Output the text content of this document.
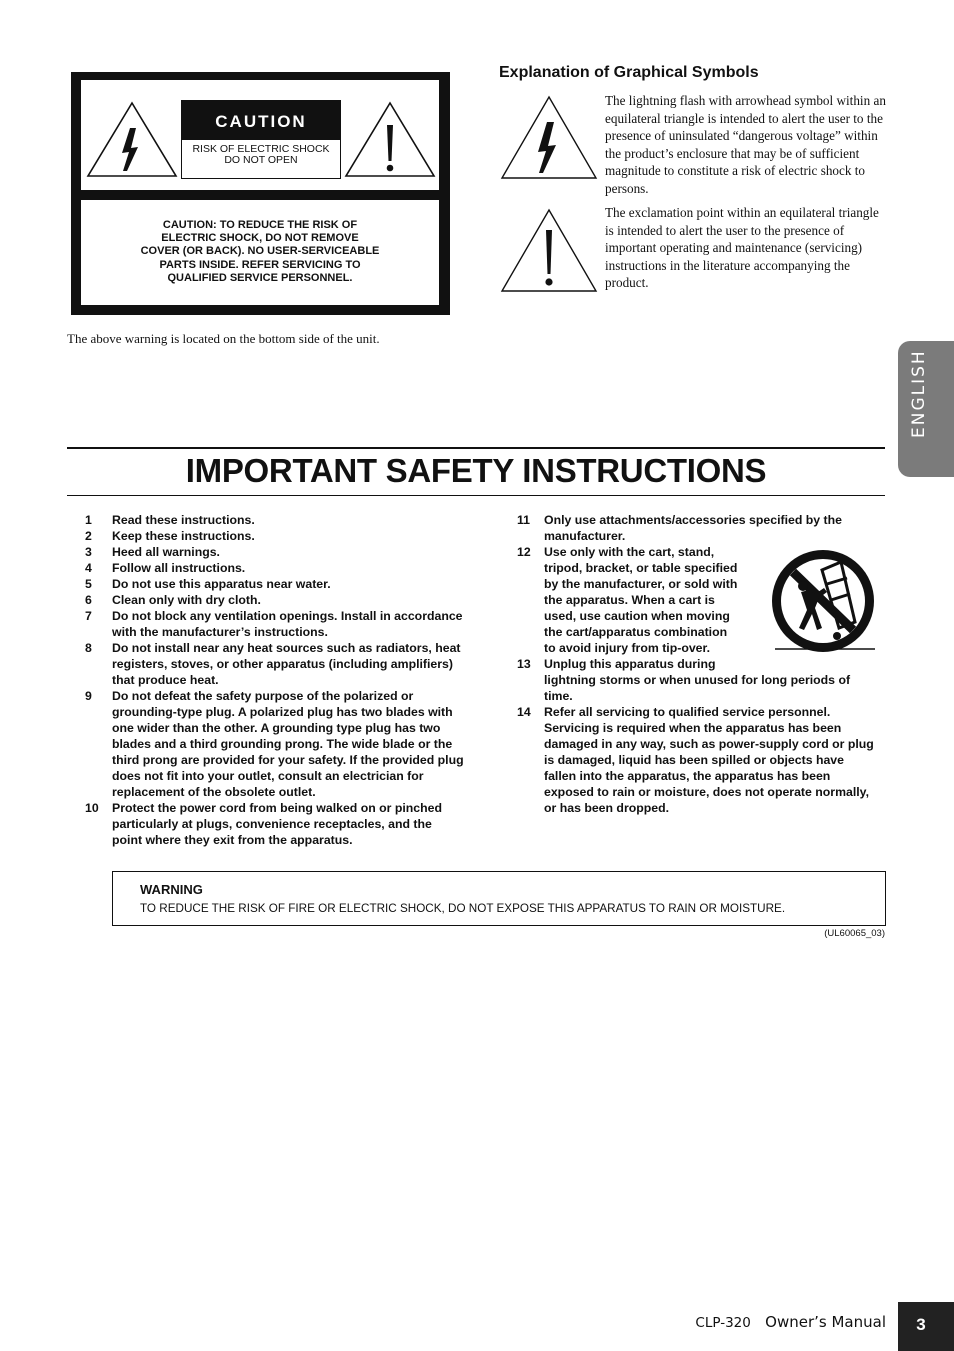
CAUTION
RISK OF ELECTRIC SHOCK
DO NOT OPEN
CAUTION: TO REDUCE THE RISK OF
ELECTRIC SHOCK, DO NOT REMOVE
COVER (OR BACK). NO USER-SERVICEABLE
PARTS INSIDE. REFER SERVICING TO
QUALIFIED SERVICE PERSONNEL.
The above warning is located on the bottom side of the unit.
Explanation of Graphical Symbols
The lightning flash with arrowhead symbol within an equilateral triangle is intended to alert the user to the presence of uninsulated “dangerous voltage” within the product’s enclosure that may be of sufficient magnitude to constitute a risk of electric shock to persons.
The exclamation point within an equilateral triangle is intended to alert the user to the presence of important operating and maintenance (servicing) instructions in the literature accompanying the product.
ENGLISH
IMPORTANT SAFETY INSTRUCTIONS
1 Read these instructions.
2 Keep these instructions.
3 Heed all warnings.
4 Follow all instructions.
5 Do not use this apparatus near water.
6 Clean only with dry cloth.
7 Do not block any ventilation openings. Install in accordance with the manufacturer’s instructions.
8 Do not install near any heat sources such as radiators, heat registers, stoves, or other apparatus (including amplifiers) that produce heat.
9 Do not defeat the safety purpose of the polarized or grounding-type plug. A polarized plug has two blades with one wider than the other. A grounding type plug has two blades and a third grounding prong. The wide blade or the third prong are provided for your safety. If the provided plug does not fit into your outlet, consult an electrician for replacement of the obsolete outlet.
10 Protect the power cord from being walked on or pinched particularly at plugs, convenience receptacles, and the point where they exit from the apparatus.
11 Only use attachments/accessories specified by the
manufacturer.
12 Use only with the cart, stand,
tripod, bracket, or table specified
by the manufacturer, or sold with
the apparatus. When a cart is
used, use caution when moving
the cart/apparatus combination
to avoid injury from tip-over.
13 Unplug this apparatus during
lightning storms or when unused for long periods of
time.
14 Refer all servicing to qualified service personnel.
Servicing is required when the apparatus has been
damaged in any way, such as power-supply cord or plug
is damaged, liquid has been spilled or objects have
fallen into the apparatus, the apparatus has been
exposed to rain or moisture, does not operate normally,
or has been dropped.
WARNING
TO REDUCE THE RISK OF FIRE OR ELECTRIC SHOCK, DO NOT EXPOSE THIS APPARATUS TO RAIN OR MOISTURE.
(UL60065_03)
CLP-320 Owner’s Manual	3
